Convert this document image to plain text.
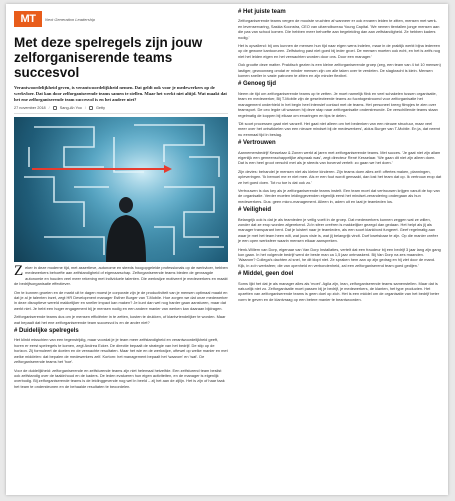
MT	Next Generation Leadership
Met deze spelregels zijn jouw zelforganiserende teams succesvol
Verantwoordelijkheid geven, is verantwoordelijkheid nemen. Dat geldt ook voor je medewerkers op de werkvloer. Dat kan door zelforganiserende teams samen te stellen. Maar het werkt niet altijd. Wat maakt dat het ene zelforganiserende team succesvol is en het andere niet?
27 november 2018 /	Sang-Ah Yoo /	Getty

Zeker in deze moderne tijd, met assertieve, autonome en steeds hoogopgeleide professionals op de werkvloer, hebben medewerkers behoefte aan zelfstandigheid of eigenaarschap. Zelforganiserende teams bieden de gevraagde autonomie en houden veel meer rekening met individuele talenten. Die werkwijze motiveert je medewerkers en maakt de bedrijfsorganisatie effectiever.

Om te kunnen groeien en de markt uit te dagen moest je corporate zijn je de productiviteit van je mensen optimaal maakt en dat je al je talenten inzet, zegt HR Development manager Esther Burger van T-Mobile. Hoe zorgen we dat onze medewerker in deze disruptieve wereld makkelijker en sneller impact kan maken? Je kunt dan wel nog harder gaan aansturen, maar dat werkt niet. Je hebt een hoger engagement bij je mensen nodig en een andere manier van werken kan daaraan bijdragen.

Zelforganiserende teams dus om je mensen efficiënter in te zetten, kosten te drukken, of klantvriendelijker te worden. Maar wat bepaalt dat het ene zelforganiserende team succesvol is en de ander niet?

# Duidelijke spelregels

Het klinkt misschien van een tegenstrijdig, maar voordat je je team meer zelfstandigheid en verantwoordelijkheid geeft, horen er eerst spelregels te komen, zegt Andrea Ecker. De directie bepaalt de strategie van het bedrijf. De stip op de horizon. Zij formuleert de doelen en de verwachte resultaten. Maar het wie en de werkwijze, oftewel op welke manier en met welke middelen: dat bepalen de medewerkers zelf. Kortom: het management bepaalt het 'waarom' en 'wat'. De zelforganiserende teams het 'hoe'.

Voor de duidelijkheid: zelforganiserende en zelfsturende teams zijn niet helemaal hetzelfde. Een zelfsturend team beslist ook zelfstandig over de taakinhoud en de kaders. De leden evalueren hun eigen activiteiten, en de manager is eigenlijk overbodig. Bij zelforganiserende teams is de leidinggevende nog wel in beeld – zij het aan de zijlijn. Het is zijn of haar taak het team te ondersteunen en de behaalde resultaten te beoordelen.

# Het juiste team

Zelforganiserende teams vergen de mooiste vruchten af wanneer er ook ervaren leiden te zitten, mensen met werk- en levenservaring, Saskia Koonstra, CEO van uitzendbureau Young Capital. 'We nemen tientallen jonge mensen aan die pas van school komen. Die hebben meer behoefte aan begeleiding dan aan zelfstandigheid. Ze hebben kaders nodig.'

Het is opvallend: bij ons kunnen de mensen hun tijd naar eigen wens indelen, maar in de praktijk werkt bijna iedereen op de gewone kantooruren. Zelfsturing past niet goed bij ieder groei. De mensen moeten ook echt, en het is zelfs nog niet het leiden eigen en het verwachten worden door ons. Door een manager.'

Ook grootte deze matter. Praktisch gezien is een kleine zelforganiserende groep (zeg, een team van 4 tot 10 mensen) lastiger, gewoonweg omdat er minder mensen zijn om alle taken over te verdelen. De slagkracht is klein. Mensen komen sneller in vaste patronen te zitten en zijn minder flexibel.

# Genoeg tijd

Neem de tijd om zelforganiserende teams op te zetten. Je moet namelijk flink en veel schakelen tussen organisatie, team en medewerker, Bij T-Mobile zijn de geselecteerde teams zo fucntogestroomd voor zelforganisatie het management onderhield in het begin heel intensief contact met de teams. Het personeel kreeg filmpjes te zien over teamsport. De ceo legde uit waarom hij deze stap naar zelforganisatie onderstreunde. De verschillende teams staan regelmatig de koppen bij elkaar om ervaringen en tips te delen.

'Dit soort processen gaat niet vanzelf. Het gaat niet alleen om het bedenken van een nieuwe structuur, maar veel meer over het ontwikkelen van een nieuwe mindset bij de medewerkers', aldus Burger van T-Mobile. En ja, dat neemt nu eenmaal tijd in beslag.

# Vertrouwen

Aannemersbedrijf Kesselaar & Zonen werkt al jaren met zelforganiserende teams. Met succes. 'Je gaat niet zijn allam eigenlijk een gemeenschappelijke afspraak was', zegt directeur René Kesselaar. 'We gaan dit niet zijn alleen doen. Dat is een heel groot verschil met als je steeds van bovenaf vertelt: zo gaan we het doen.'

Zijn devies: behandel je mensen niet als kleine kinderen. Zijn teams doen alles zelf: offertes maken, planningen, opleveringen. 'Ik bemoei me er niet mee. Als er een fout wordt gemaakt, dan lost het team dat op. Ik vertrouw erop dat ze het goed doen. Tot nu toe is dat ook zo.'

Vertrouwen is dus key als je zelforganiserende teams instelt. Een team moet dat vertrouwen krijgen vanuit de top van de organisatie. Verder moeten leidinggevenden eigenlijk eerst het mindset-verandering ondergaan als hun medewerkers. Dus: geen micro-management. Alleen in, adem uit en laat je teamleden los.

# Veiligheid

Belangrijk ook is dat je als teamleden je veilig voelt in de groep. Dat medewerkers kunnen zeggen wat ze willen, zonder dat ze erop worden afgerekend. Zo'n sfeer creëren is makkelijker gezegd dan gedaan. Het helpt als jij als manager transparant bent. Dat je luistert naar je teamleden, als een soort klankbord fungeert. Geef regelmatig aan waar je met het team heen wilt, wat jouw visie is, wat jij belangrijk vindt. Durf kwetsbaar te zijn. Op die manier creëer je een open werksfeer waarin mensen elkaar aanspreken.

Henk-Willem van Dorp, eigenaar van Van Dorp Installaties, vertelt dat een fraudeur bij een bedrijf 3 jaar lang zijn gang kon gaan. In het volgende bedrijf werd de beste man ca 1,5 jaar ontmaskerd. Bij Van Dorp na zes maanden. 'Waarom? Collega's dachten al snel, he dit klopt niet. Ze spraken hem aan op zijn gedrag en hij ziet door de mand. Kijk, in zo'n werksfeer, die van openheid en verbondenheid, zal een zelforganiserend team goed gedijen.'

# Middel, geen doel

Soms lijkt het dat je als manager alles als 'moet'. Agila zijn, lean, zelforganiserende teams samenstellen. Maar dat is natuurlijk niet zo. Zelforganisatie moet passen bij je bedrijf, je medewerkers, de klanten, het type producten. Het opzetten van zelforganiserende teams is geen doel op zich. Het is een middel om de organisatie van het bedrijf beter vorm te geven en de klantvraag op een betere manier te beantwoorden.
